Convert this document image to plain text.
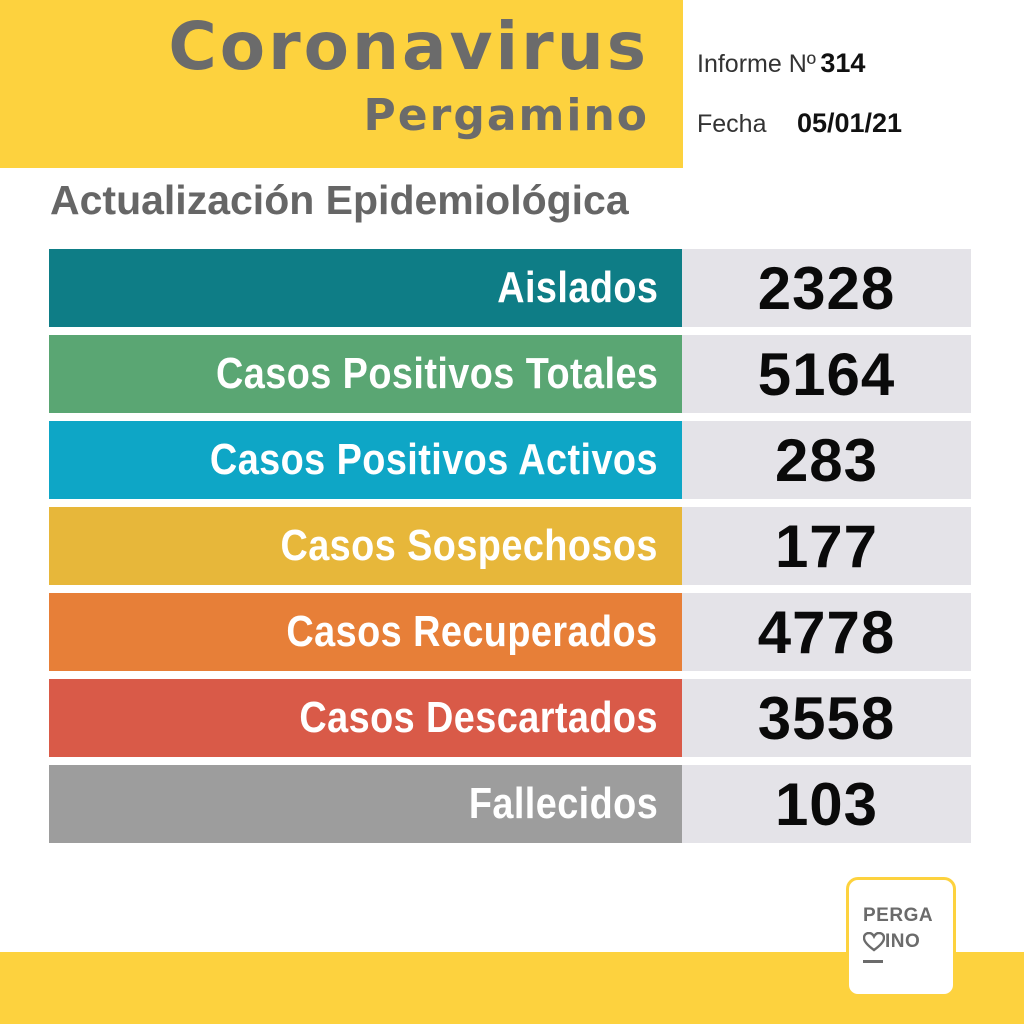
Coronavirus
Pergamino
Informe Nº 314
Fecha 05/01/21
Actualización Epidemiológica
Aislados 2328
Casos Positivos Totales 5164
Casos Positivos Activos 283
Casos Sospechosos 177
Casos Recuperados 4778
Casos Descartados 3558
Fallecidos 103
PERGA
INO
